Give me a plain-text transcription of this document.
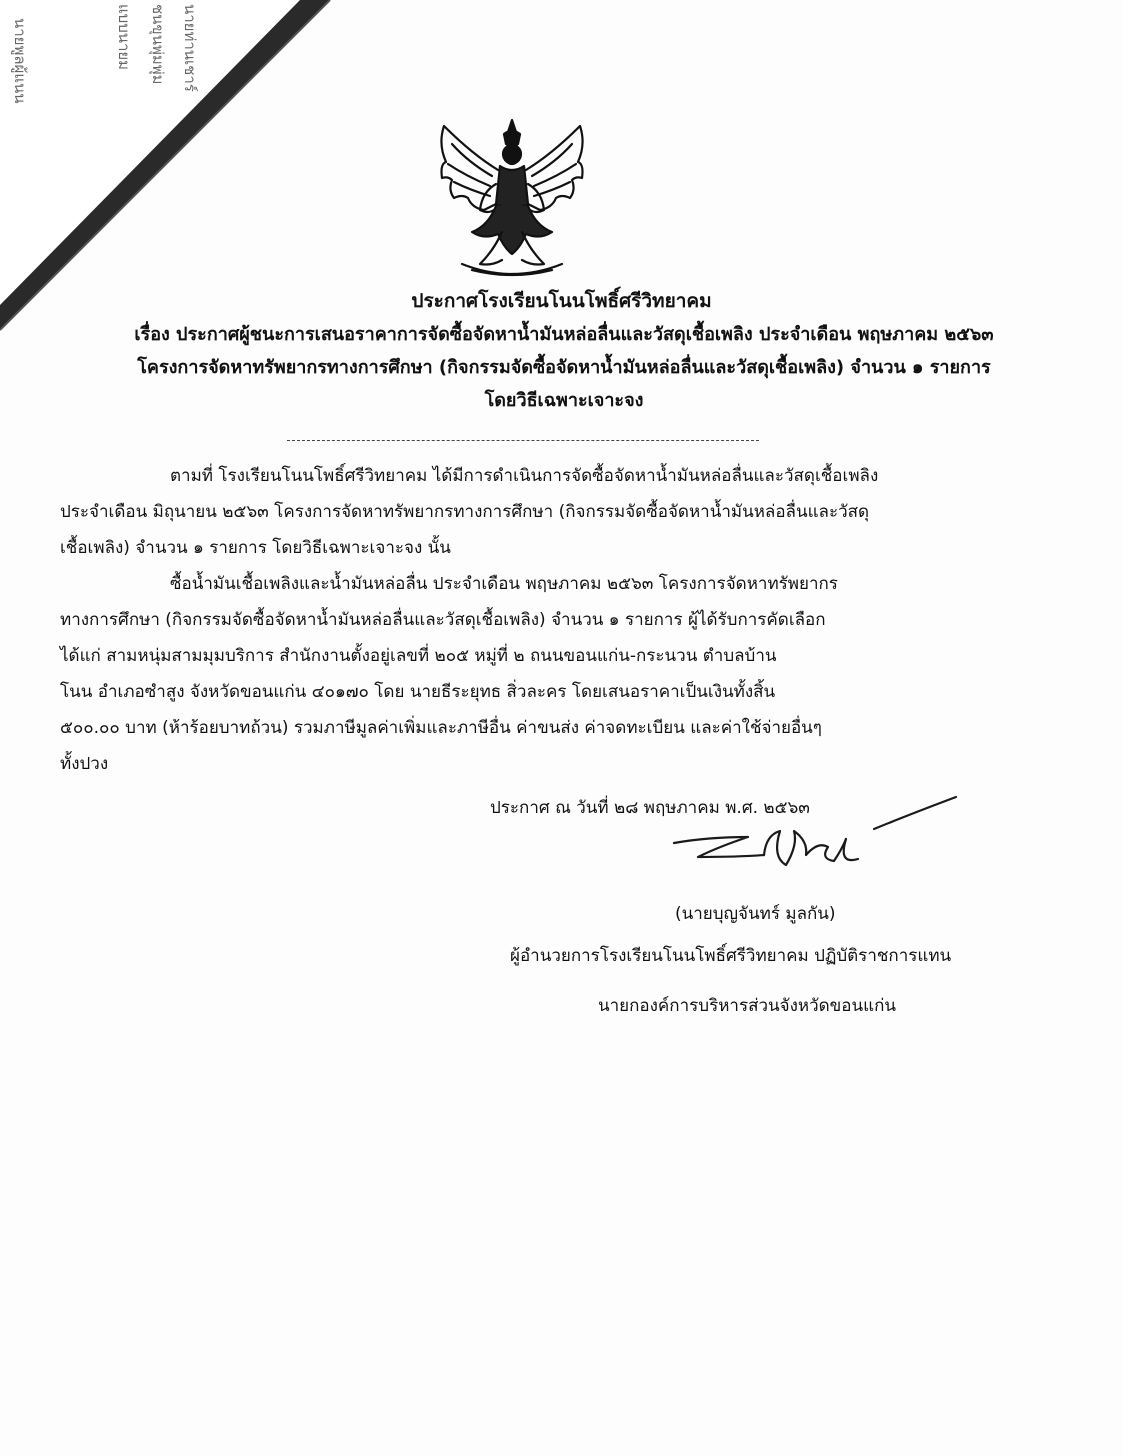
นายพูลผู้แนน	แบบนายม ชนขุนพุ่มพุ่ม นายท่านเชาร์
ประกาศโรงเรียนโนนโพธิ์ศรีวิทยาคม
เรื่อง ประกาศผู้ชนะการเสนอราคาการจัดซื้อจัดหาน้ำมันหล่อลื่นและวัสดุเชื้อเพลิง ประจำเดือน พฤษภาคม ๒๕๖๓
โครงการจัดหาทรัพยากรทางการศึกษา (กิจกรรมจัดซื้อจัดหาน้ำมันหล่อลื่นและวัสดุเชื้อเพลิง) จำนวน ๑ รายการ
โดยวิธีเฉพาะเจาะจง
ตามที่ โรงเรียนโนนโพธิ์ศรีวิทยาคม ได้มีการดำเนินการจัดซื้อจัดหาน้ำมันหล่อลื่นและวัสดุเชื้อเพลิง
ประจำเดือน มิถุนายน ๒๕๖๓ โครงการจัดหาทรัพยากรทางการศึกษา (กิจกรรมจัดซื้อจัดหาน้ำมันหล่อลื่นและวัสดุ
เชื้อเพลิง) จำนวน ๑ รายการ โดยวิธีเฉพาะเจาะจง นั้น
ซื้อน้ำมันเชื้อเพลิงและน้ำมันหล่อลื่น ประจำเดือน พฤษภาคม ๒๕๖๓ โครงการจัดหาทรัพยากร
ทางการศึกษา (กิจกรรมจัดซื้อจัดหาน้ำมันหล่อลื่นและวัสดุเชื้อเพลิง) จำนวน ๑ รายการ ผู้ได้รับการคัดเลือก
ได้แก่ สามหนุ่มสามมุมบริการ สำนักงานตั้งอยู่เลขที่ ๒๐๕ หมู่ที่ ๒ ถนนขอนแก่น-กระนวน ตำบลบ้าน
โนน อำเภอซำสูง จังหวัดขอนแก่น ๔๐๑๗๐ โดย นายธีระยุทธ สิ่วละคร โดยเสนอราคาเป็นเงินทั้งสิ้น
๕๐๐.๐๐ บาท (ห้าร้อยบาทถ้วน) รวมภาษีมูลค่าเพิ่มและภาษีอื่น ค่าขนส่ง ค่าจดทะเบียน และค่าใช้จ่ายอื่นๆ
ทั้งปวง
ประกาศ ณ วันที่ ๒๘ พฤษภาคม พ.ศ. ๒๕๖๓
(นายบุญจันทร์ มูลกัน)
ผู้อำนวยการโรงเรียนโนนโพธิ์ศรีวิทยาคม ปฏิบัติราชการแทน
นายกองค์การบริหารส่วนจังหวัดขอนแก่น
